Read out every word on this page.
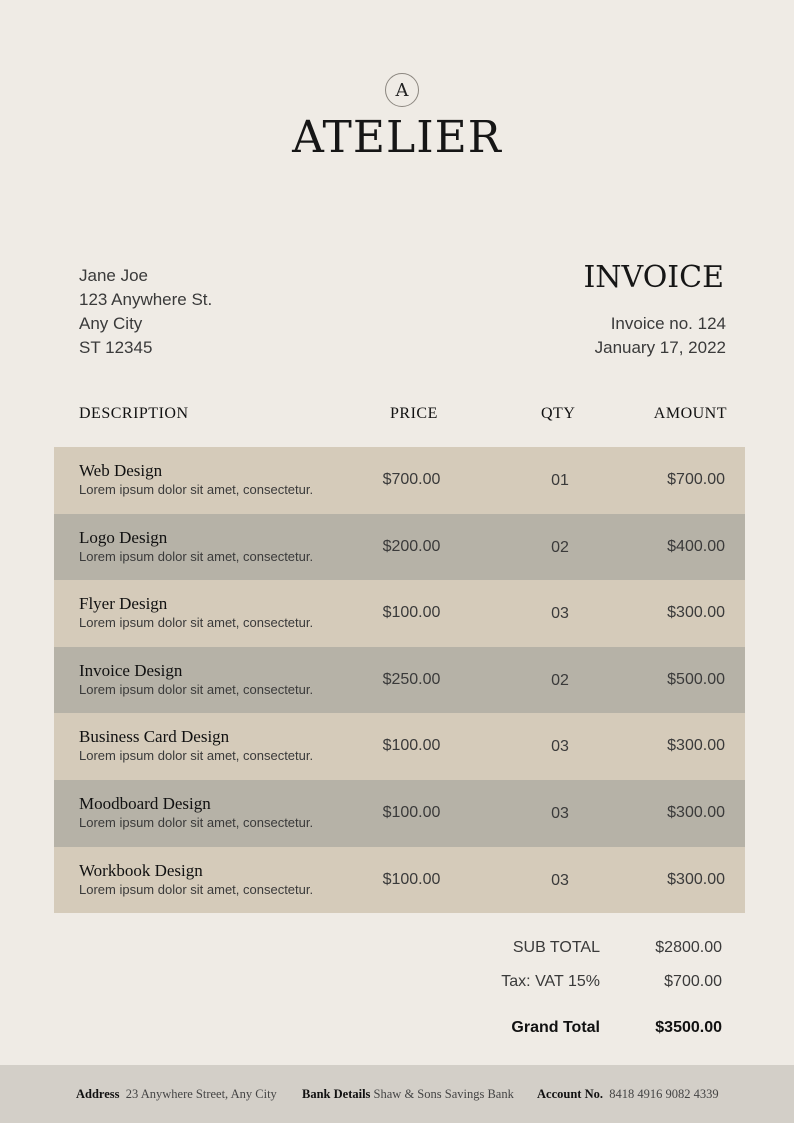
A
ATELIER
Jane Joe
123 Anywhere St.
Any City
ST 12345
INVOICE
Invoice no. 124
January 17, 2022
DESCRIPTION	PRICE	QTY	AMOUNT
Web Design
Lorem ipsum dolor sit amet, consectetur.
$700.00	01	$700.00
Logo Design
Lorem ipsum dolor sit amet, consectetur.
$200.00	02	$400.00
Flyer Design
Lorem ipsum dolor sit amet, consectetur.
$100.00	03	$300.00
Invoice Design
Lorem ipsum dolor sit amet, consectetur.
$250.00	02	$500.00
Business Card Design
Lorem ipsum dolor sit amet, consectetur.
$100.00	03	$300.00
Moodboard Design
Lorem ipsum dolor sit amet, consectetur.
$100.00	03	$300.00
Workbook Design
Lorem ipsum dolor sit amet, consectetur.
$100.00	03	$300.00
SUB TOTAL	$2800.00
Tax: VAT 15%	$700.00
Grand Total	$3500.00
Address 23 Anywhere Street, Any City Bank Details Shaw & Sons Savings Bank Account No. 8418 4916 9082 4339
